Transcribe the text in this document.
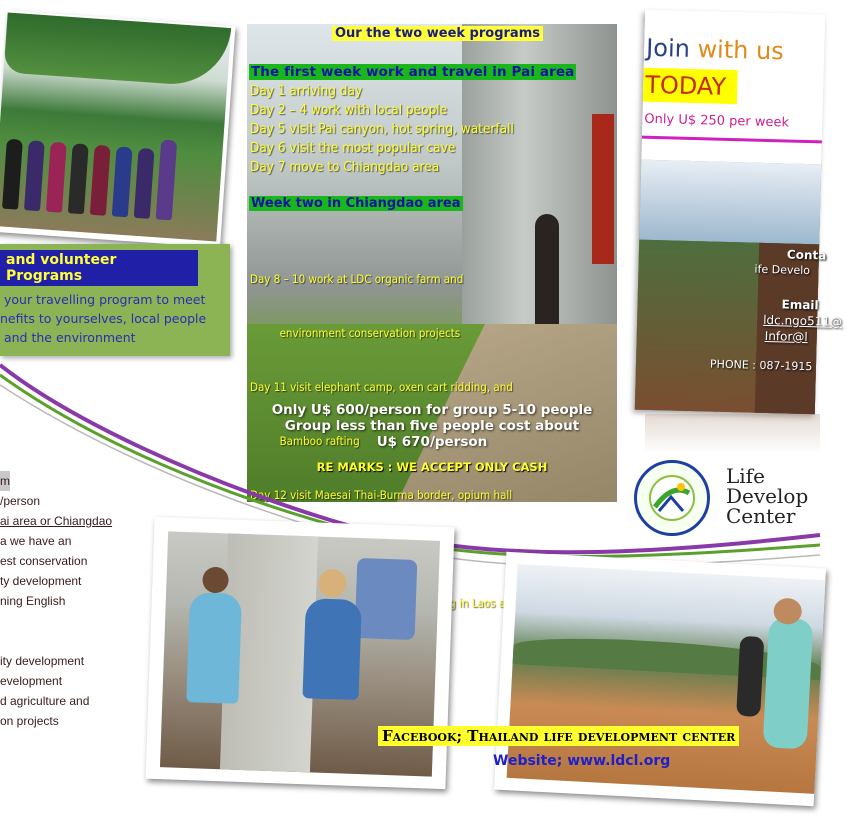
and volunteer Programs
your travelling program to meet
nefits to yourselves, local people
and the environment
Our the two week programs
The first week work and travel in Pai area
Day 1 arriving day
Day 2 – 4 work with local people
Day 5 visit Pai canyon, hot spring, waterfall
Day 6 visit the most popular cave
Day 7 move to Chiangdao area
Week two in Chiangdao area

Day 8 – 10 work at LDC organic farm and

environment conservation projects

Day 11 visit elephant camp, oxen cart ridding, and

Bamboo rafting

Day 12 visit Maesai Thai-Burma border, opium hall

in Laos

Only U$ 600/person for group 5-10 people
Group less than five people cost about
U$ 670/person
RE MARKS : WE ACCEPT ONLY CASH
Join with us
TODAY
Only U$ 250 per week
Conta
ife Develo
Email
ldc.ngo511@
Infor@l
PHONE : 087-1915
m
/person
ai area or Chiangdao
a we have an
est conservation
ty development
ning English
ity development
evelopment
d agriculture and
on projects
Life
Develop
Center
Facebook; Thailand life development center
Website; www.ldcl.org
